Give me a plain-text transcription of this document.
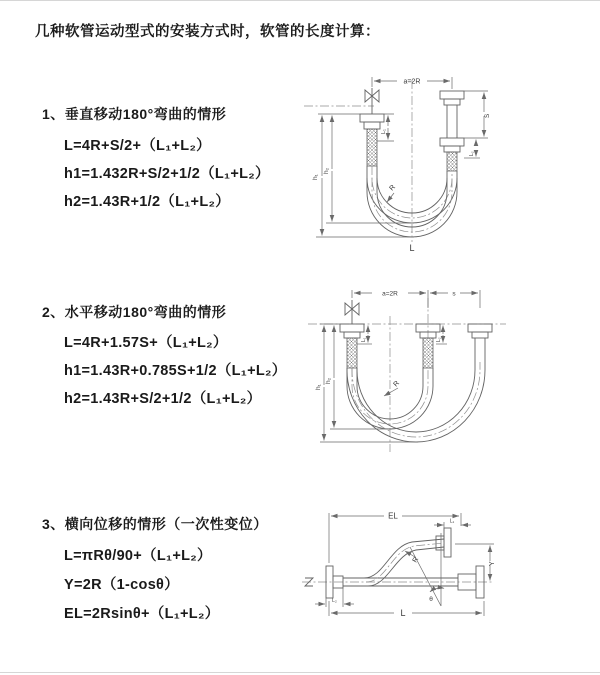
几种软管运动型式的安装方式时，软管的长度计算：
1、垂直移动180°弯曲的情形
L=4R+S/2+（L₁+L₂）
h1=1.432R+S/2+1/2（L₁+L₂）
h2=1.43R+1/2（L₁+L₂）
2、水平移动180°弯曲的情形
L=4R+1.57S+（L₁+L₂）
h1=1.43R+0.785S+1/2（L₁+L₂）
h2=1.43R+S/2+1/2（L₁+L₂）
3、横向位移的情形（一次性变位）
L=πRθ/90+（L₁+L₂）
Y=2R（1-cosθ）
EL=2Rsinθ+（L₁+L₂）
a=2R
h₁
h₂
L₁
S
L₂
R
L
a=2R	s
h₁
h₂
L₁	L₂
R
θ
EL
L₁
Y
R
L
L₂
